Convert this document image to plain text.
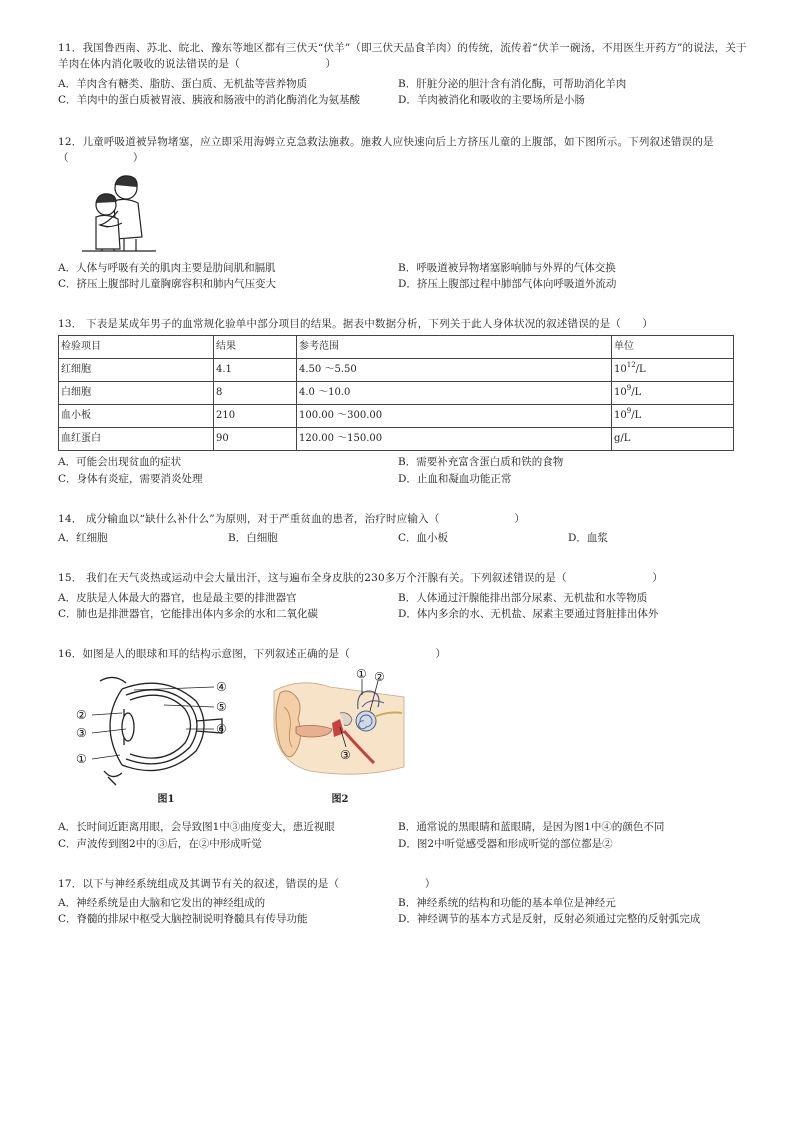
11．我国鲁西南、苏北、皖北、豫东等地区都有三伏天“伏羊”（即三伏天品食羊肉）的传统，流传着“伏羊一碗汤，不用医生开药方”的说法，关于羊肉在体内消化吸收的说法错误的是（　　　　　　　　）

A．羊肉含有糖类、脂肪、蛋白质、无机盐等营养物质	B．肝脏分泌的胆汁含有消化酶，可帮助消化羊肉
C．羊肉中的蛋白质被胃液、胰液和肠液中的消化酶消化为氨基酸	D．羊肉被消化和吸收的主要场所是小肠

12．儿童呼吸道被异物堵塞，应立即采用海姆立克急救法施救。施救人应快速向后上方挤压儿童的上腹部，如下图所示。下列叙述错误的是（　　　　　　）

A．人体与呼吸有关的肌肉主要是肋间肌和膈肌	B．呼吸道被异物堵塞影响肺与外界的气体交换
C．挤压上腹部时儿童胸廓容积和肺内气压变大	D．挤压上腹部过程中肺部气体向呼吸道外流动

13． 下表是某成年男子的血常规化验单中部分项目的结果。据表中数据分析，下列关于此人身体状况的叙述错误的是（　　）

检验项目	结果	参考范围	单位
红细胞	4.1	4.50 ～5.50	$10^{12}/L$
白细胞	8	4.0 ～10.0	$10^9/L$
血小板	210	100.00 ～300.00	$10^9/L$
血红蛋白	90	120.00 ～150.00	g/L
A．可能会出现贫血的症状	B．需要补充富含蛋白质和铁的食物
C．身体有炎症，需要消炎处理	D．止血和凝血功能正常

14． 成分输血以“缺什么补什么”为原则，对于严重贫血的患者，治疗时应输入（　　　　　　　）

A．红细胞	B．白细胞	C．血小板	D．血浆

15． 我们在天气炎热或运动中会大量出汗，这与遍布全身皮肤的230多万个汗腺有关。下列叙述错误的是（　　　　　　　　）

A．皮肤是人体最大的器官，也是最主要的排泄器官	B．人体通过汗腺能排出部分尿素、无机盐和水等物质
C．肺也是排泄器官，它能排出体内多余的水和二氧化碳	D．体内多余的水、无机盐、尿素主要通过肾脏排出体外

16．如图是人的眼球和耳的结构示意图，下列叙述正确的是（　　　　　　　　）

②
③
①
④
⑤
⑥
图1
① ②
③
图2
A．长时间近距离用眼，会导致图1中③曲度变大，患近视眼	B．通常说的黑眼睛和蓝眼睛，是因为图1中④的颜色不同
C．声波传到图2中的③后，在②中形成听觉	D．图2中听觉感受器和形成听觉的部位都是②

17．以下与神经系统组成及其调节有关的叙述，错误的是（　　　　　　　　）

A．神经系统是由大脑和它发出的神经组成的	B．神经系统的结构和功能的基本单位是神经元
C．脊髓的排尿中枢受大脑控制说明脊髓具有传导功能	D．神经调节的基本方式是反射，反射必须通过完整的反射弧完成
